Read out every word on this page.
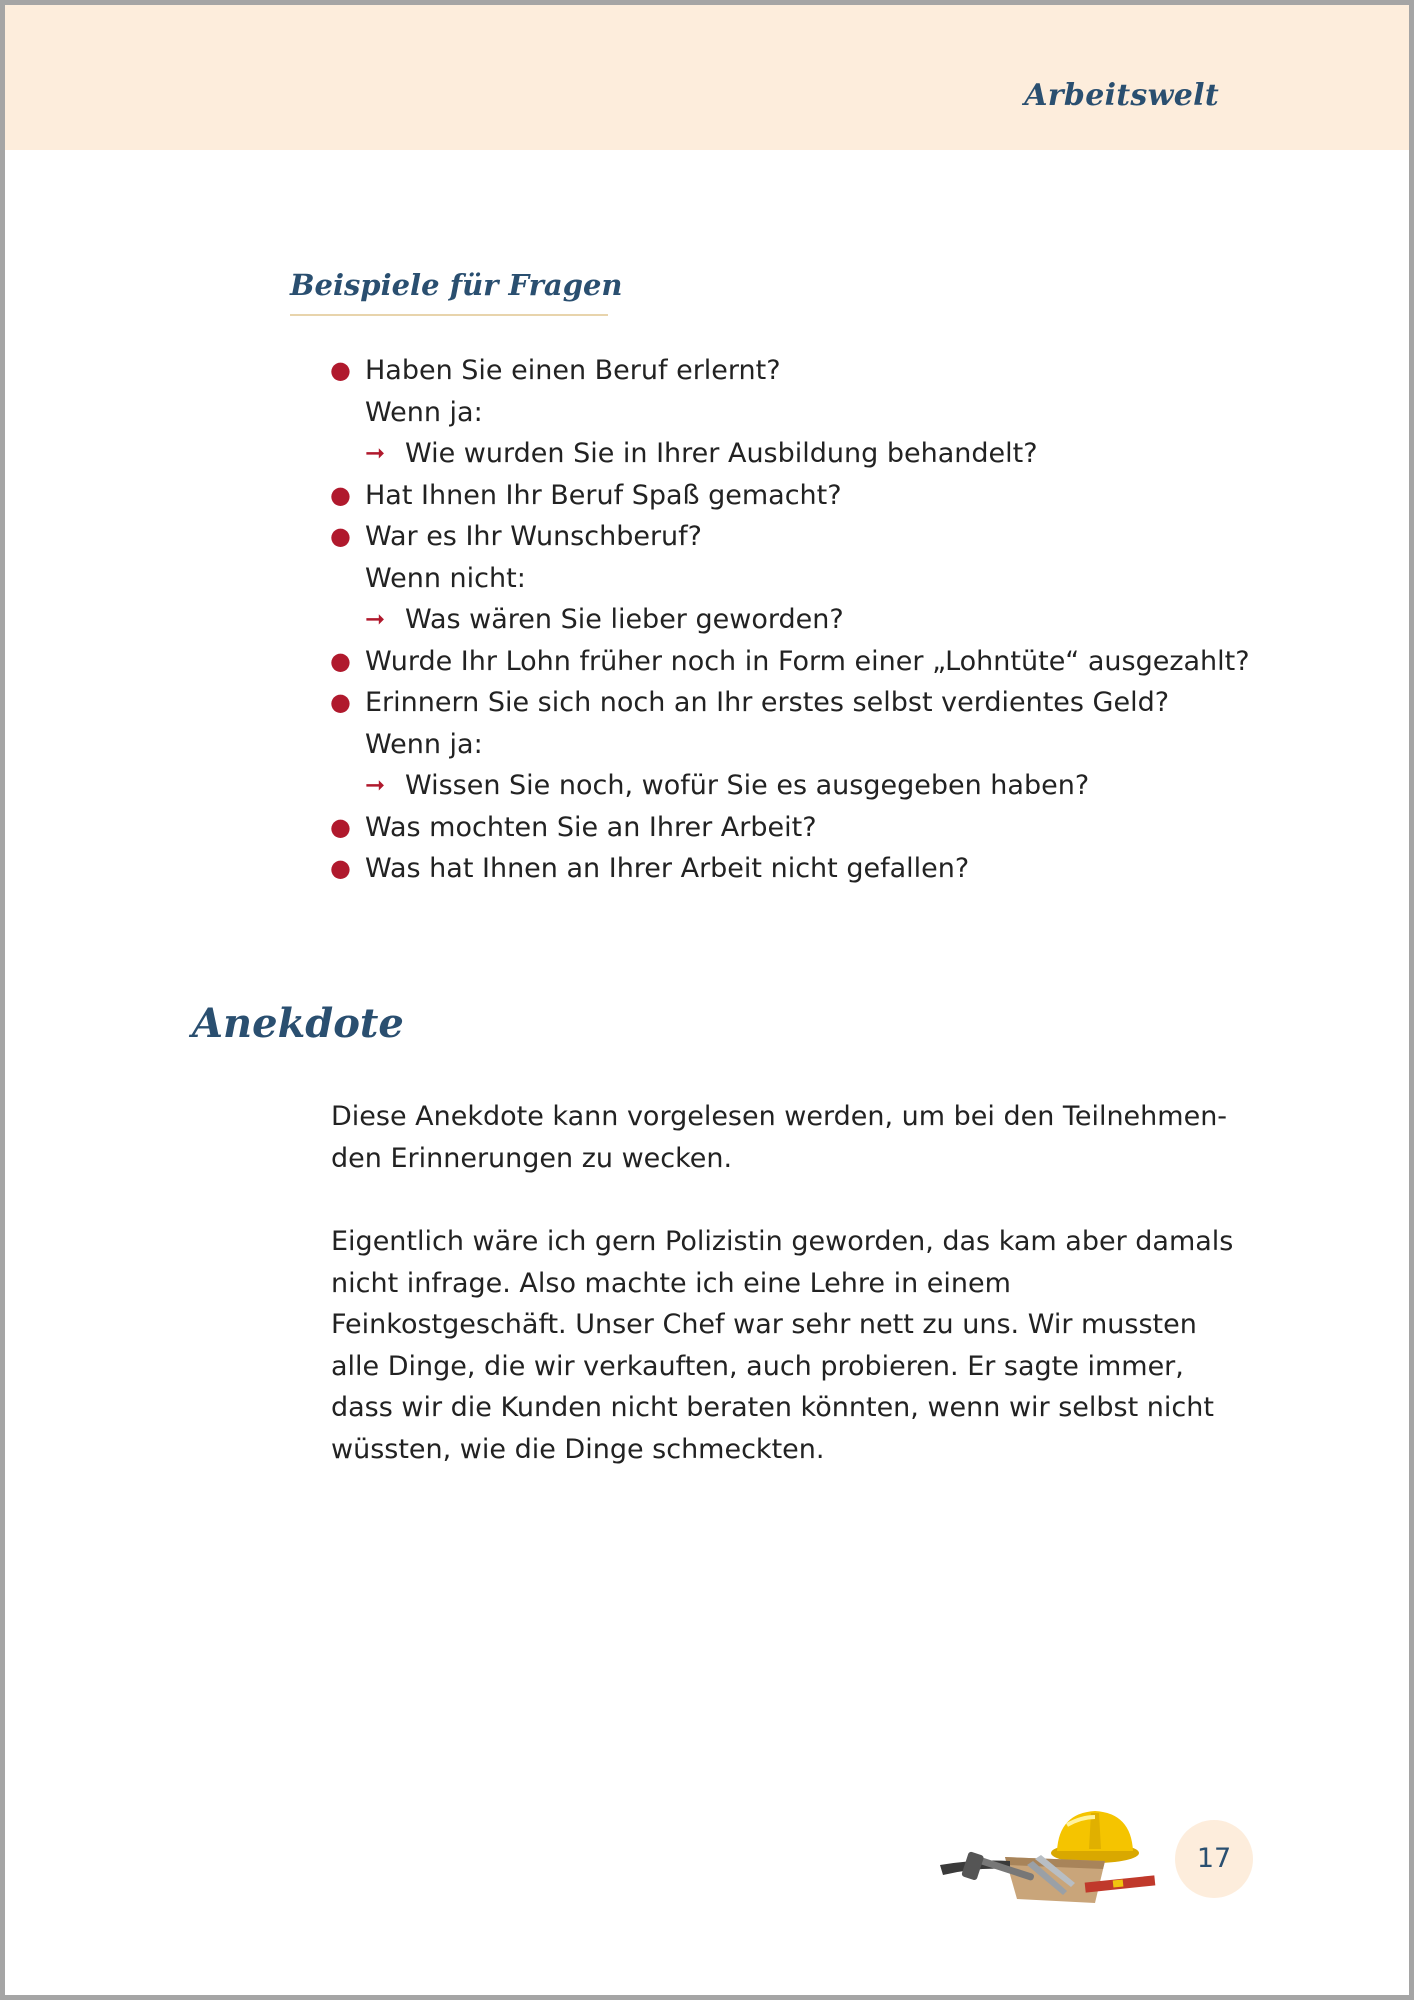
Arbeitswelt
Beispiele für Fragen
● Haben Sie einen Beruf erlernt?
Wenn ja:
➞ Wie wurden Sie in Ihrer Ausbildung behandelt?
● Hat Ihnen Ihr Beruf Spaß gemacht?
● War es Ihr Wunschberuf?
Wenn nicht:
➞ Was wären Sie lieber geworden?
● Wurde Ihr Lohn früher noch in Form einer „Lohntüte“ ausgezahlt?
● Erinnern Sie sich noch an Ihr erstes selbst verdientes Geld?
Wenn ja:
➞ Wissen Sie noch, wofür Sie es ausgegeben haben?
● Was mochten Sie an Ihrer Arbeit?
● Was hat Ihnen an Ihrer Arbeit nicht gefallen?
Anekdote

Diese Anekdote kann vorgelesen werden, um bei den Teilnehmen-den Erinnerungen zu wecken.

Eigentlich wäre ich gern Polizistin geworden, das kam aber damals nicht infrage. Also machte ich eine Lehre in einem Feinkostgeschäft. Unser Chef war sehr nett zu uns. Wir mussten alle Dinge, die wir verkauften, auch probieren. Er sagte immer, dass wir die Kunden nicht beraten könnten, wenn wir selbst nicht wüssten, wie die Dinge schmeckten.

17
